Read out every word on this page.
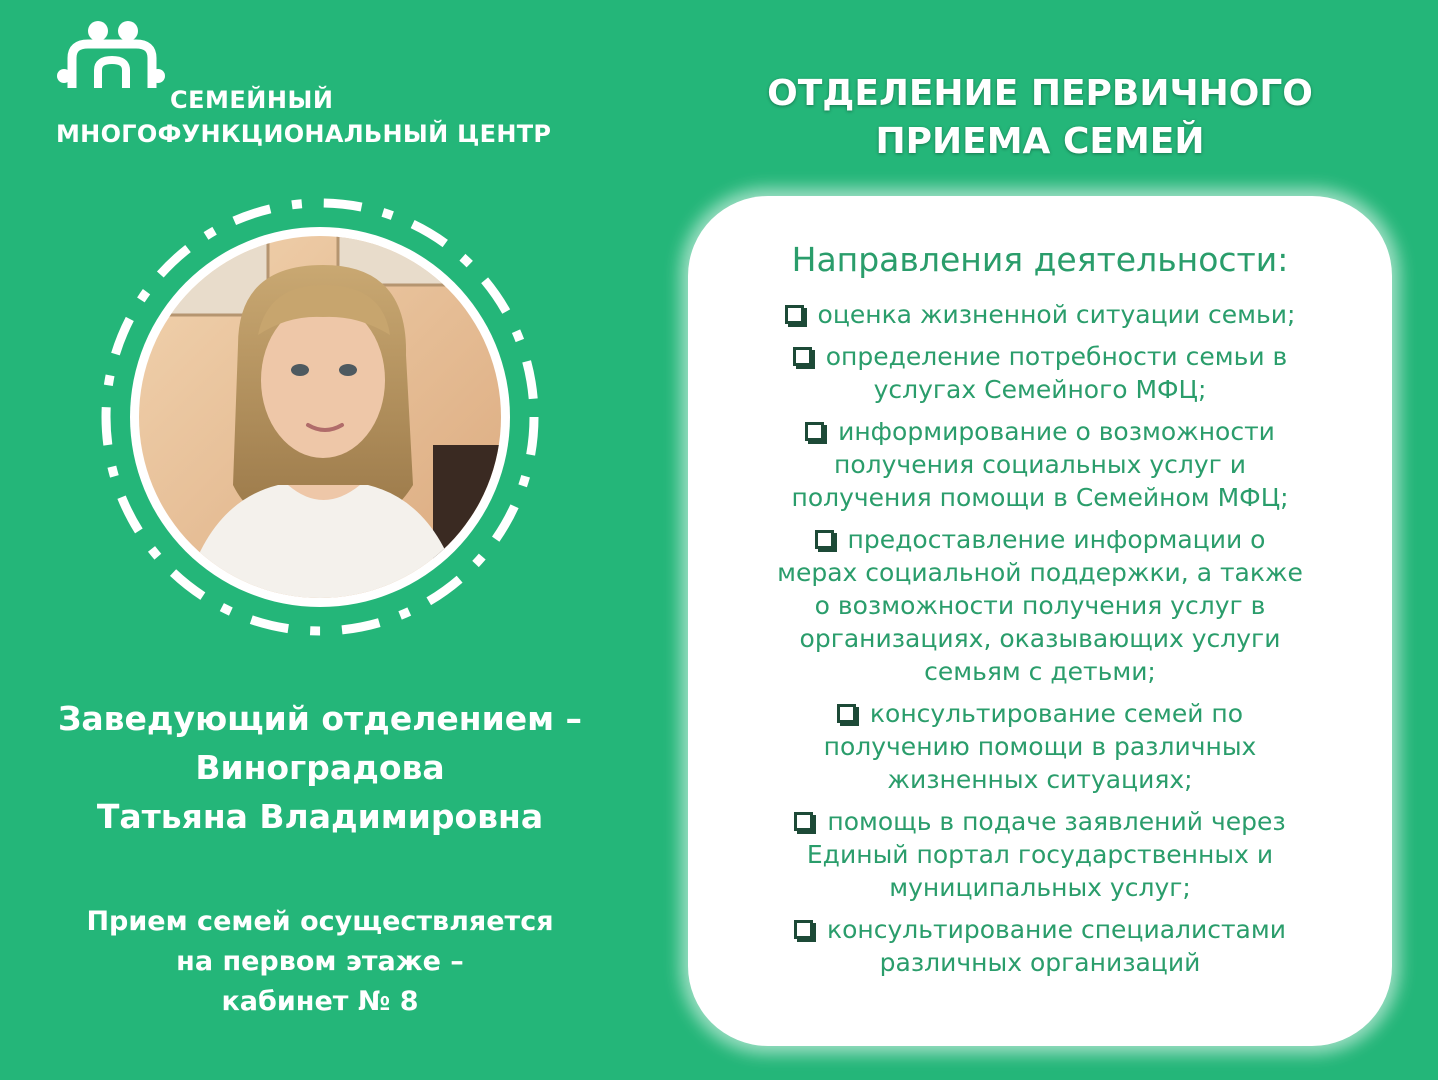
СЕМЕЙНЫЙ
МНОГОФУНКЦИОНАЛЬНЫЙ ЦЕНТР
Заведующий отделением –
Виноградова
Татьяна Владимировна
Прием семей осуществляется
на первом этаже –
кабинет № 8
ОТДЕЛЕНИЕ ПЕРВИЧНОГО
ПРИЕМА СЕМЕЙ
Направления деятельности:
оценка жизненной ситуации семьи;
определение потребности семьи в
услугах Семейного МФЦ;
информирование о возможности
получения социальных услуг и
получения помощи в Семейном МФЦ;
предоставление информации о
мерах социальной поддержки, а также
о возможности получения услуг в
организациях, оказывающих услуги
семьям с детьми;
консультирование семей по
получению помощи в различных
жизненных ситуациях;
помощь в подаче заявлений через
Единый портал государственных и
муниципальных услуг;
консультирование специалистами
различных организаций
